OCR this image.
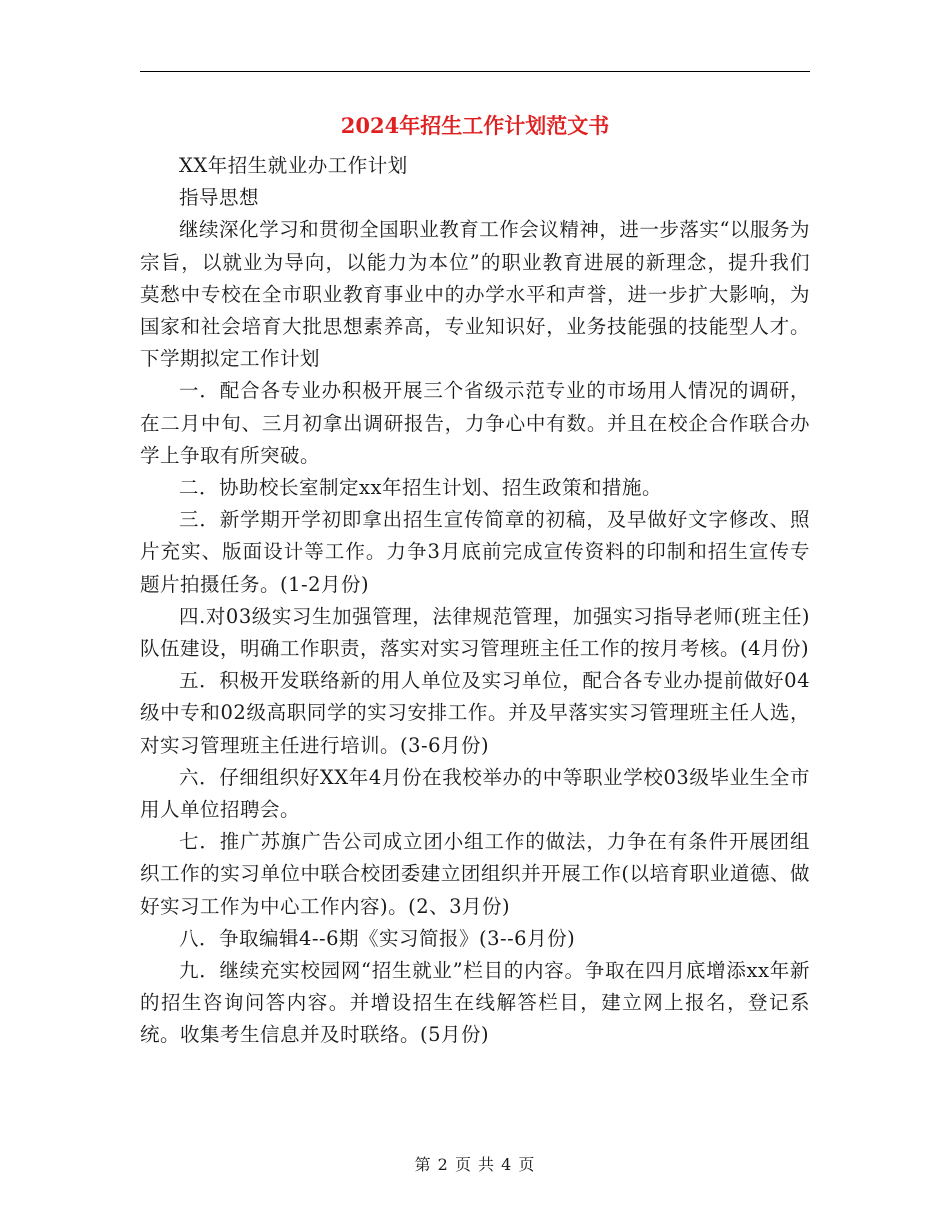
2024年招生工作计划范文书

XX年招生就业办工作计划

指导思想

继续深化学习和贯彻全国职业教育工作会议精神，进一步落实“以服务为宗旨，以就业为导向，以能力为本位”的职业教育进展的新理念，提升我们莫愁中专校在全市职业教育事业中的办学水平和声誉，进一步扩大影响，为国家和社会培育大批思想素养高，专业知识好，业务技能强的技能型人才。下学期拟定工作计划

一．配合各专业办积极开展三个省级示范专业的市场用人情况的调研，在二月中旬、三月初拿出调研报告，力争心中有数。并且在校企合作联合办学上争取有所突破。

二．协助校长室制定xx年招生计划、招生政策和措施。

三．新学期开学初即拿出招生宣传简章的初稿，及早做好文字修改、照片充实、版面设计等工作。力争3月底前完成宣传资料的印制和招生宣传专题片拍摄任务。(1-2月份)

四.对03级实习生加强管理，法律规范管理，加强实习指导老师(班主任)队伍建设，明确工作职责，落实对实习管理班主任工作的按月考核。(4月份)

五．积极开发联络新的用人单位及实习单位，配合各专业办提前做好04级中专和02级高职同学的实习安排工作。并及早落实实习管理班主任人选，对实习管理班主任进行培训。(3-6月份)

六．仔细组织好XX年4月份在我校举办的中等职业学校03级毕业生全市用人单位招聘会。

七．推广苏旗广告公司成立团小组工作的做法，力争在有条件开展团组织工作的实习单位中联合校团委建立团组织并开展工作(以培育职业道德、做好实习工作为中心工作内容)。(2、3月份)

八．争取编辑4--6期《实习简报》(3--6月份)

九．继续充实校园网“招生就业”栏目的内容。争取在四月底增添xx年新的招生咨询问答内容。并增设招生在线解答栏目，建立网上报名，登记系统。收集考生信息并及时联络。(5月份)

第 2 页 共 4 页
